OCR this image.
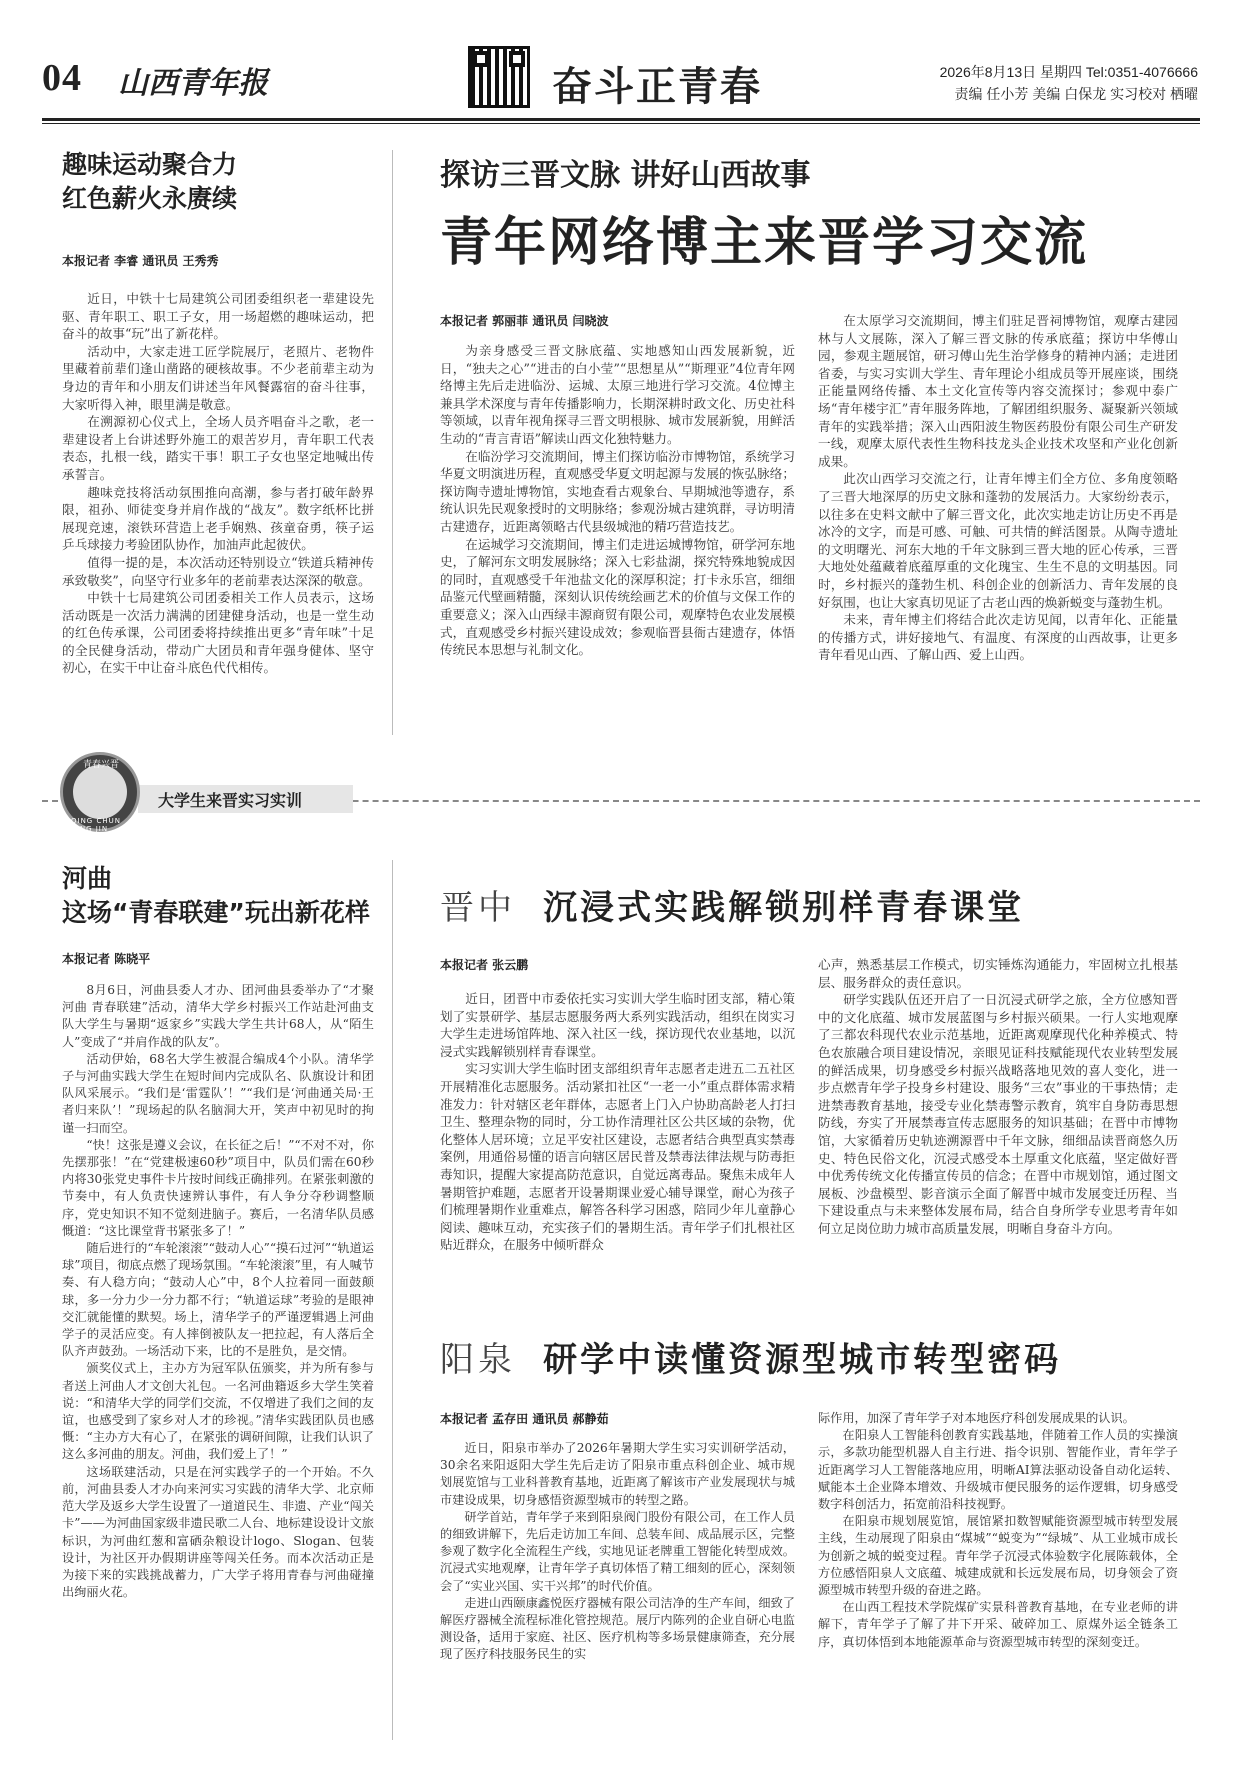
04 山西青年报	奋斗正青春	2026年8月13日 星期四 Tel:0351-4076666
责编 任小芳 美编 白保龙 实习校对 栖曜
趣味运动聚合力
红色薪火永赓续
本报记者 李睿 通讯员 王秀秀

近日，中铁十七局建筑公司团委组织老一辈建设先驱、青年职工、职工子女，用一场超燃的趣味运动，把奋斗的故事“玩”出了新花样。

活动中，大家走进工匠学院展厅，老照片、老物件里藏着前辈们逢山凿路的硬核故事。不少老前辈主动为身边的青年和小朋友们讲述当年风餐露宿的奋斗往事，大家听得入神，眼里满是敬意。

在溯源初心仪式上，全场人员齐唱奋斗之歌，老一辈建设者上台讲述野外施工的艰苦岁月，青年职工代表表态，扎根一线，踏实干事！职工子女也坚定地喊出传承誓言。

趣味竞技将活动氛围推向高潮，参与者打破年龄界限，祖孙、师徒变身并肩作战的“战友”。数字纸杯比拼展现竞速，滚铁环营造上老手娴熟、孩童奋勇，筷子运乒乓球接力考验团队协作，加油声此起彼伏。

值得一提的是，本次活动还特别设立“铁道兵精神传承致敬奖”，向坚守行业多年的老前辈表达深深的敬意。

中铁十七局建筑公司团委相关工作人员表示，这场活动既是一次活力满满的团建健身活动，也是一堂生动的红色传承课，公司团委将持续推出更多“青年味”十足的全民健身活动，带动广大团员和青年强身健体、坚守初心，在实干中让奋斗底色代代相传。

探访三晋文脉 讲好山西故事
青年网络博主来晋学习交流
本报记者 郭丽菲 通讯员 闫晓波

为亲身感受三晋文脉底蕴、实地感知山西发展新貌，近日，“独夫之心”“进击的白小莹”“思想星从”“斯理亚”4位青年网络博主先后走进临汾、运城、太原三地进行学习交流。4位博主兼具学术深度与青年传播影响力，长期深耕时政文化、历史社科等领域，以青年视角探寻三晋文明根脉、城市发展新貌，用鲜活生动的“青言青语”解读山西文化独特魅力。

在临汾学习交流期间，博主们探访临汾市博物馆，系统学习华夏文明演进历程，直观感受华夏文明起源与发展的恢弘脉络；探访陶寺遗址博物馆，实地查看古观象台、早期城池等遗存，系统认识先民观象授时的文明脉络；参观汾城古建筑群，寻访明清古建遗存，近距离领略古代县级城池的精巧营造技艺。

在运城学习交流期间，博主们走进运城博物馆，研学河东地史，了解河东文明发展脉络；深入七彩盐湖，探究特殊地貌成因的同时，直观感受千年池盐文化的深厚积淀；打卡永乐宫，细细品鉴元代壁画精髓，深刻认识传统绘画艺术的价值与文保工作的重要意义；深入山西绿丰源商贸有限公司，观摩特色农业发展模式，直观感受乡村振兴建设成效；参观临晋县衙古建遗存，体悟传统民本思想与礼制文化。

在太原学习交流期间，博主们驻足晋祠博物馆，观摩古建园林与人文展陈，深入了解三晋文脉的传承底蕴；探访中华傅山园，参观主题展馆，研习傅山先生治学修身的精神内涵；走进团省委，与实习实训大学生、青年理论小组成员等开展座谈，围绕正能量网络传播、本土文化宣传等内容交流探讨；参观中泰广场“青年楼宇汇”青年服务阵地，了解团组织服务、凝聚新兴领域青年的实践举措；深入山西阳波生物医药股份有限公司生产研发一线，观摩太原代表性生物科技龙头企业技术攻坚和产业化创新成果。

此次山西学习交流之行，让青年博主们全方位、多角度领略了三晋大地深厚的历史文脉和蓬勃的发展活力。大家纷纷表示，以往多在史料文献中了解三晋文化，此次实地走访让历史不再是冰冷的文字，而是可感、可触、可共情的鲜活图景。从陶寺遗址的文明曙光、河东大地的千年文脉到三晋大地的匠心传承，三晋大地处处蕴藏着底蕴厚重的文化瑰宝、生生不息的文明基因。同时，乡村振兴的蓬勃生机、科创企业的创新活力、青年发展的良好氛围，也让大家真切见证了古老山西的焕新蜕变与蓬勃生机。

未来，青年博主们将结合此次走访见闻，以青年化、正能量的传播方式，讲好接地气、有温度、有深度的山西故事，让更多青年看见山西、了解山西、爱上山西。

大学生来晋实习实训
青春兴晋
QING CHUN XING JIN
河曲
这场“青春联建”玩出新花样
本报记者 陈晓平

8月6日，河曲县委人才办、团河曲县委举办了“才聚河曲 青春联建”活动，清华大学乡村振兴工作站赴河曲支队大学生与暑期“返家乡”实践大学生共计68人，从“陌生人”变成了“并肩作战的队友”。

活动伊始，68名大学生被混合编成4个小队。清华学子与河曲实践大学生在短时间内完成队名、队旗设计和团队风采展示。“我们是‘雷霆队’！”“我们是‘河曲通关局·王者归来队’！”现场起的队名脑洞大开，笑声中初见时的拘谨一扫而空。

“快！这张是遵义会议，在长征之后！”“不对不对，你先摆那张！”在“党建极速60秒”项目中，队员们需在60秒内将30张党史事件卡片按时间线正确排列。在紧张刺激的节奏中，有人负责快速辨认事件，有人争分夺秒调整顺序，党史知识不知不觉刻进脑子。赛后，一名清华队员感慨道：“这比课堂背书紧张多了！”

随后进行的“车轮滚滚”“鼓动人心”“摸石过河”“轨道运球”项目，彻底点燃了现场氛围。“车轮滚滚”里，有人喊节奏、有人稳方向；“鼓动人心”中，8个人拉着同一面鼓颠球，多一分力少一分力都不行；“轨道运球”考验的是眼神交汇就能懂的默契。场上，清华学子的严谨逻辑遇上河曲学子的灵活应变。有人摔倒被队友一把拉起，有人落后全队齐声鼓劲。一场活动下来，比的不是胜负，是交情。

颁奖仪式上，主办方为冠军队伍颁奖，并为所有参与者送上河曲人才文创大礼包。一名河曲籍返乡大学生笑着说：“和清华大学的同学们交流，不仅增进了我们之间的友谊，也感受到了家乡对人才的珍视。”清华实践团队员也感慨：“主办方大有心了，在紧张的调研间隙，让我们认识了这么多河曲的朋友。河曲，我们爱上了！”

这场联建活动，只是在河实践学子的一个开始。不久前，河曲县委人才办向来河实习实践的清华大学、北京师范大学及返乡大学生设置了一道道民生、非遗、产业“闯关卡”——为河曲国家级非遗民歌二人台、地标建设设计文旅标识，为河曲红葱和富硒杂粮设计logo、Slogan、包装设计，为社区开办假期讲座等闯关任务。而本次活动正是为接下来的实践挑战蓄力，广大学子将用青春与河曲碰撞出绚丽火花。

晋中 沉浸式实践解锁别样青春课堂
本报记者 张云鹏

近日，团晋中市委依托实习实训大学生临时团支部，精心策划了实景研学、基层志愿服务两大系列实践活动，组织在岗实习大学生走进场馆阵地、深入社区一线，探访现代农业基地，以沉浸式实践解锁别样青春课堂。

实习实训大学生临时团支部组织青年志愿者走进五二五社区开展精准化志愿服务。活动紧扣社区“一老一小”重点群体需求精准发力：针对辖区老年群体，志愿者上门入户协助高龄老人打扫卫生、整理杂物的同时，分工协作清理社区公共区域的杂物，优化整体人居环境；立足平安社区建设，志愿者结合典型真实禁毒案例，用通俗易懂的语言向辖区居民普及禁毒法律法规与防毒拒毒知识，提醒大家提高防范意识，自觉远离毒品。聚焦未成年人暑期管护难题，志愿者开设暑期课业爱心辅导课堂，耐心为孩子们梳理暑期作业重难点，解答各科学习困惑，陪同少年儿童静心阅读、趣味互动，充实孩子们的暑期生活。青年学子们扎根社区贴近群众，在服务中倾听群众

心声，熟悉基层工作模式，切实锤炼沟通能力，牢固树立扎根基层、服务群众的责任意识。

研学实践队伍还开启了一日沉浸式研学之旅，全方位感知晋中的文化底蕴、城市发展蓝图与乡村振兴硕果。一行人实地观摩了三都农科现代农业示范基地，近距离观摩现代化种养模式、特色农旅融合项目建设情况，亲眼见证科技赋能现代农业转型发展的鲜活成果，切身感受乡村振兴战略落地见效的喜人变化，进一步点燃青年学子投身乡村建设、服务“三农”事业的干事热情；走进禁毒教育基地，接受专业化禁毒警示教育，筑牢自身防毒思想防线，夯实了开展禁毒宣传志愿服务的知识基础；在晋中市博物馆，大家循着历史轨迹溯源晋中千年文脉，细细品读晋商悠久历史、特色民俗文化，沉浸式感受本土厚重文化底蕴，坚定做好晋中优秀传统文化传播宣传员的信念；在晋中市规划馆，通过图文展板、沙盘模型、影音演示全面了解晋中城市发展变迁历程、当下建设重点与未来整体发展布局，结合自身所学专业思考青年如何立足岗位助力城市高质量发展，明晰自身奋斗方向。

阳泉 研学中读懂资源型城市转型密码
本报记者 孟存田 通讯员 郝静茹

近日，阳泉市举办了2026年暑期大学生实习实训研学活动，30余名来阳返阳大学生先后走访了阳泉市重点科创企业、城市规划展览馆与工业科普教育基地，近距离了解该市产业发展现状与城市建设成果，切身感悟资源型城市的转型之路。

研学首站，青年学子来到阳泉阀门股份有限公司，在工作人员的细致讲解下，先后走访加工车间、总装车间、成品展示区，完整参观了数字化全流程生产线，实地见证老牌重工智能化转型成效。沉浸式实地观摩，让青年学子真切体悟了精工细刻的匠心，深刻领会了“实业兴国、实干兴邦”的时代价值。

走进山西颐康鑫悦医疗器械有限公司洁净的生产车间，细致了解医疗器械全流程标准化管控规范。展厅内陈列的企业自研心电监测设备，适用于家庭、社区、医疗机构等多场景健康筛查，充分展现了医疗科技服务民生的实

际作用，加深了青年学子对本地医疗科创发展成果的认识。

在阳泉人工智能科创教育实践基地，伴随着工作人员的实操演示，多款功能型机器人自主行进、指令识别、智能作业，青年学子近距离学习人工智能落地应用，明晰AI算法驱动设备自动化运转、赋能本土企业降本增效、升级城市便民服务的运作逻辑，切身感受数字科创活力，拓宽前沿科技视野。

在阳泉市规划展览馆，展馆紧扣数智赋能资源型城市转型发展主线，生动展现了阳泉由“煤城”“蜕变为”“绿城”、从工业城市成长为创新之城的蜕变过程。青年学子沉浸式体验数字化展陈载体，全方位感悟阳泉人文底蕴、城建成就和长远发展布局，切身领会了资源型城市转型升级的奋进之路。

在山西工程技术学院煤矿实景科普教育基地，在专业老师的讲解下，青年学子了解了井下开采、破碎加工、原煤外运全链条工序，真切体悟到本地能源革命与资源型城市转型的深刻变迁。
